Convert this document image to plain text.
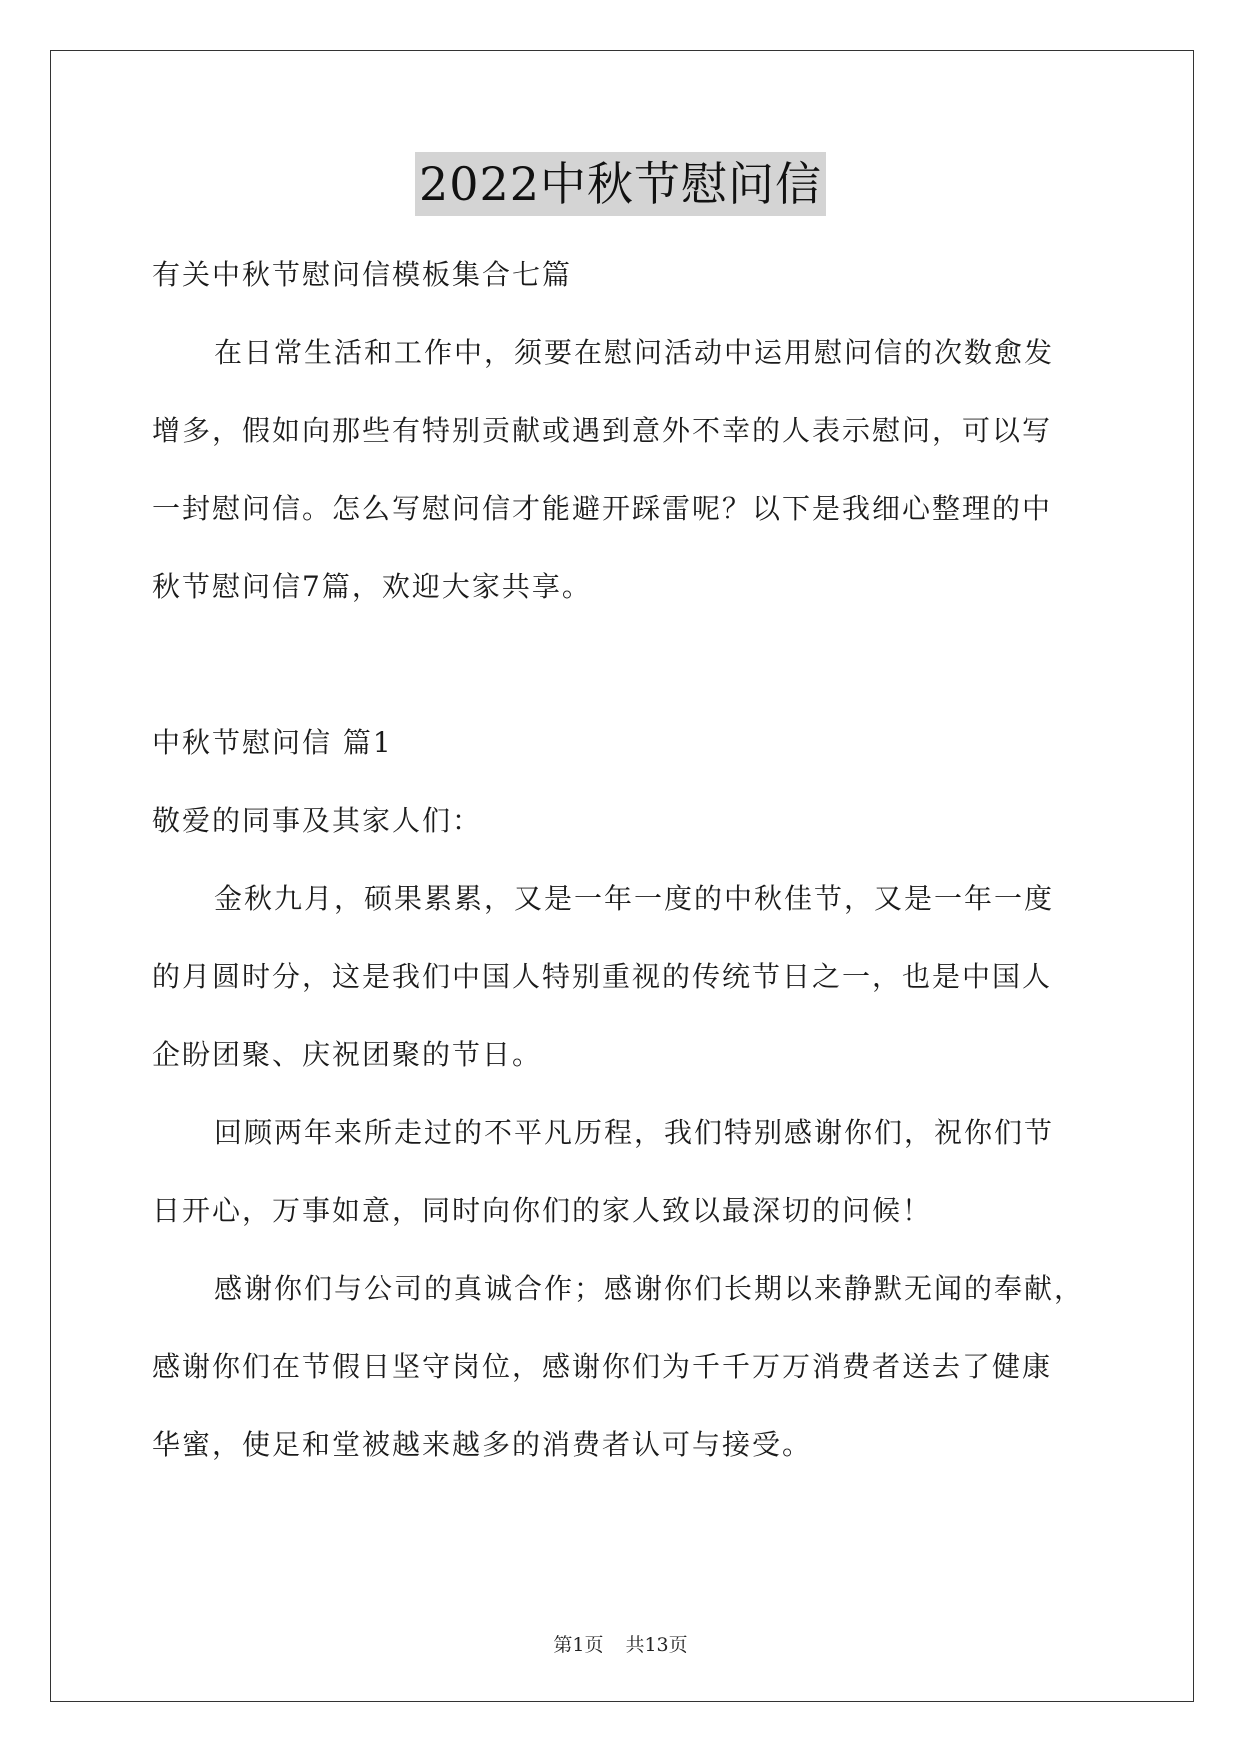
2022中秋节慰问信
有关中秋节慰问信模板集合七篇
在日常生活和工作中，须要在慰问活动中运用慰问信的次数愈发
增多，假如向那些有特别贡献或遇到意外不幸的人表示慰问，可以写
一封慰问信。怎么写慰问信才能避开踩雷呢？以下是我细心整理的中
秋节慰问信7篇，欢迎大家共享。
中秋节慰问信 篇1
敬爱的同事及其家人们：
金秋九月，硕果累累，又是一年一度的中秋佳节，又是一年一度
的月圆时分，这是我们中国人特别重视的传统节日之一，也是中国人
企盼团聚、庆祝团聚的节日。
回顾两年来所走过的不平凡历程，我们特别感谢你们，祝你们节
日开心，万事如意，同时向你们的家人致以最深切的问候！
感谢你们与公司的真诚合作；感谢你们长期以来静默无闻的奉献，
感谢你们在节假日坚守岗位，感谢你们为千千万万消费者送去了健康
华蜜，使足和堂被越来越多的消费者认可与接受。
第1页 共13页
